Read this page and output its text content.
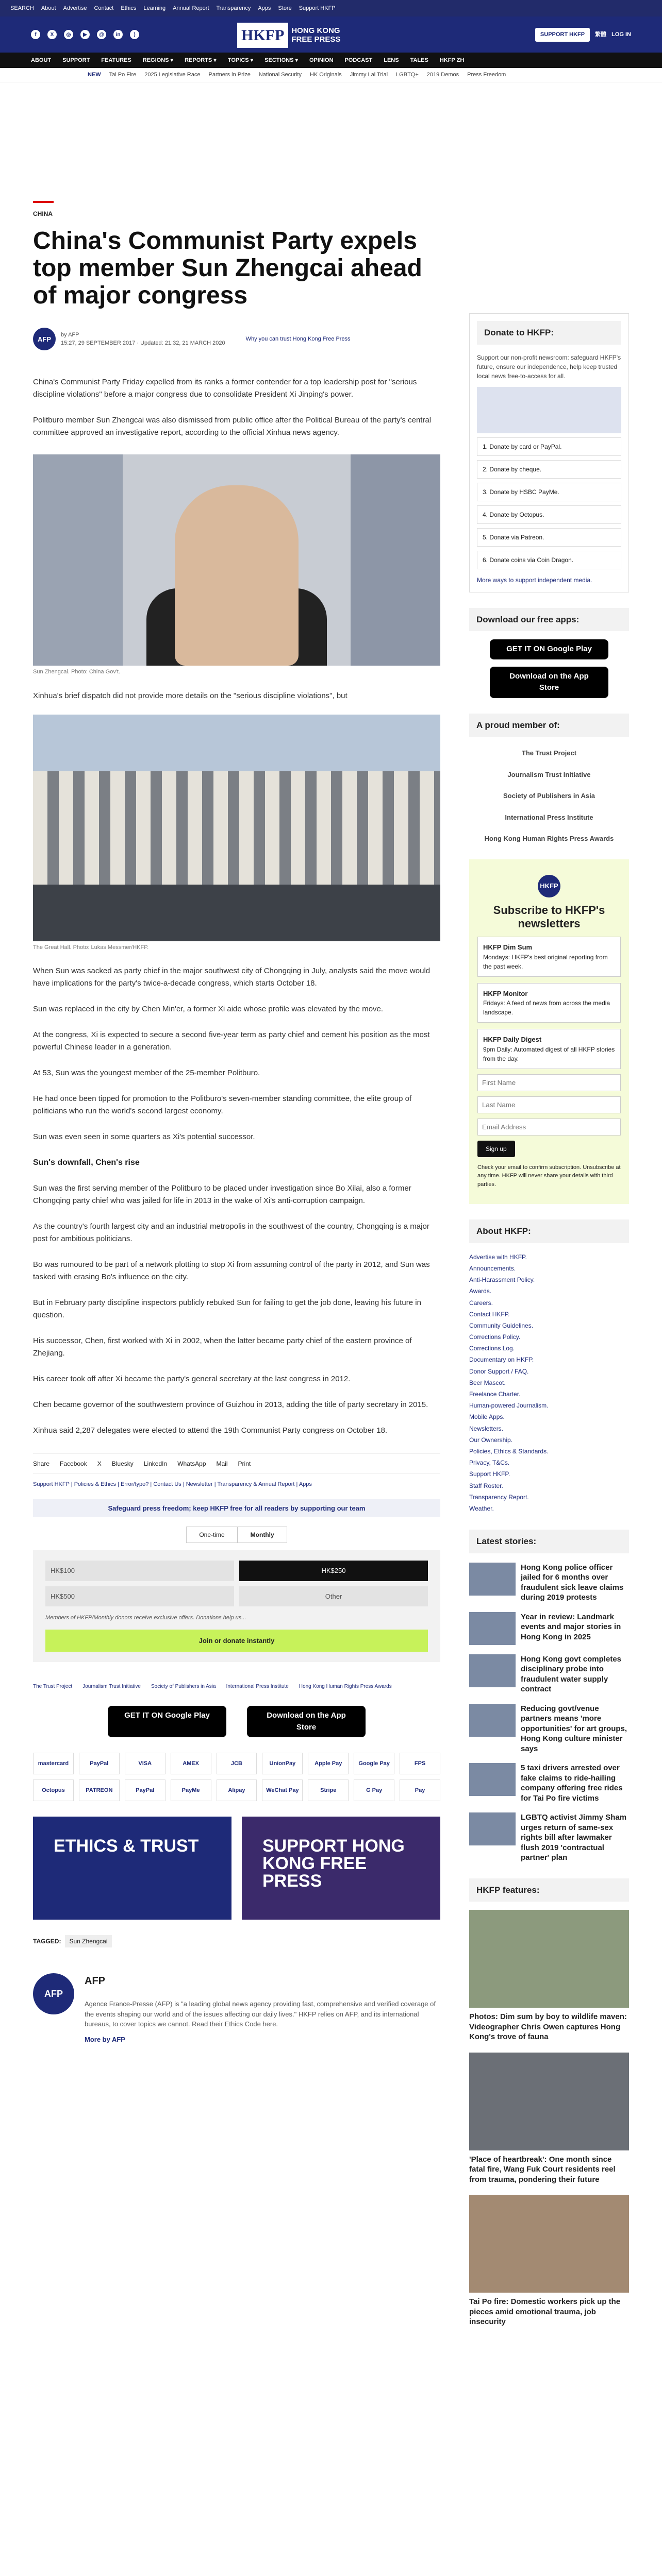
SEARCH About Advertise Contact Ethics Learning Annual Report Transparency Apps Store Support HKFP
f	X	◎	▶	@	in	)	HKFP HONG KONG
FREE PRESS
SUPPORT HKFP	繁體 LOG IN
ABOUT SUPPORT FEATURES REGIONS ▾ REPORTS ▾ TOPICS ▾ SECTIONS ▾ OPINION PODCAST LENS TALES HKFP ZH
NEW Tai Po Fire 2025 Legislative Race Partners in Prize National Security HK Originals Jimmy Lai Trial LGBTQ+ 2019 Demos Press Freedom
CHINA
China's Communist Party expels top member Sun Zhengcai ahead of major congress
AFP
by AFP
15:27, 29 SEPTEMBER 2017 · Updated: 21:32, 21 MARCH 2020
Why you can trust Hong Kong Free Press

China's Communist Party Friday expelled from its ranks a former contender for a top leadership post for "serious discipline violations" before a major congress due to consolidate President Xi Jinping's power.

Politburo member Sun Zhengcai was also dismissed from public office after the Political Bureau of the party's central committee approved an investigative report, according to the official Xinhua news agency.

Sun Zhengcai. Photo: China Gov't.

Xinhua's brief dispatch did not provide more details on the "serious discipline violations", but

The Great Hall. Photo: Lukas Messmer/HKFP.

When Sun was sacked as party chief in the major southwest city of Chongqing in July, analysts said the move would have implications for the party's twice-a-decade congress, which starts October 18.

Sun was replaced in the city by Chen Min'er, a former Xi aide whose profile was elevated by the move.

At the congress, Xi is expected to secure a second five-year term as party chief and cement his position as the most powerful Chinese leader in a generation.

At 53, Sun was the youngest member of the 25-member Politburo.

He had once been tipped for promotion to the Politburo's seven-member standing committee, the elite group of politicians who run the world's second largest economy.

Sun was even seen in some quarters as Xi's potential successor.

Sun's downfall, Chen's rise

Sun was the first serving member of the Politburo to be placed under investigation since Bo Xilai, also a former Chongqing party chief who was jailed for life in 2013 in the wake of Xi's anti-corruption campaign.

As the country's fourth largest city and an industrial metropolis in the southwest of the country, Chongqing is a major post for ambitious politicians.

Bo was rumoured to be part of a network plotting to stop Xi from assuming control of the party in 2012, and Sun was tasked with erasing Bo's influence on the city.

But in February party discipline inspectors publicly rebuked Sun for failing to get the job done, leaving his future in question.

His successor, Chen, first worked with Xi in 2002, when the latter became party chief of the eastern province of Zhejiang.

His career took off after Xi became the party's general secretary at the last congress in 2012.

Chen became governor of the southwestern province of Guizhou in 2013, adding the title of party secretary in 2015.

Xinhua said 2,287 delegates were elected to attend the 19th Communist Party congress on October 18.

Share Facebook X Bluesky LinkedIn WhatsApp Mail Print
Support HKFP | Policies & Ethics | Error/typo? | Contact Us | Newsletter | Transparency & Annual Report | Apps
Safeguard press freedom; keep HKFP free for all readers by supporting our team
One-time	Monthly
HK$100	HK$250
HK$500	Other
Members of HKFP/Monthly donors receive exclusive offers. Donations help us...
Join or donate instantly
The Trust Project Journalism Trust Initiative Society of Publishers in Asia International Press Institute Hong Kong Human Rights Press Awards
GET IT ON Google Play	Download on the App Store
mastercard	PayPal	VISA	AMEX	JCB	UnionPay	Apple Pay	Google Pay	FPS
Octopus	PATREON	PayPal	PayMe	Alipay	WeChat Pay	Stripe	G Pay	Pay
ETHICS & TRUST	SUPPORT HONG KONG FREE PRESS
TAGGED: Sun Zhengcai
AFP
AFP

Agence France-Presse (AFP) is "a leading global news agency providing fast, comprehensive and verified coverage of the events shaping our world and of the issues affecting our daily lives." HKFP relies on AFP, and its international bureaus, to cover topics we cannot. Read their Ethics Code here.

More by AFP

Donate to HKFP:
Support our non-profit newsroom: safeguard HKFP's future, ensure our independence, help keep trusted local news free-to-access for all.
1. Donate by card or PayPal.
2. Donate by cheque.
3. Donate by HSBC PayMe.
4. Donate by Octopus.
5. Donate via Patreon.
6. Donate coins via Coin Dragon.
More ways to support independent media.
Download our free apps:
GET IT ON Google Play
Download on the App Store
A proud member of:
The Trust Project
Journalism Trust Initiative
Society of Publishers in Asia
International Press Institute
Hong Kong Human Rights Press Awards
HKFP
Subscribe to HKFP's newsletters
HKFP Dim Sum
Mondays: HKFP's best original reporting from the past week.
HKFP Monitor
Fridays: A feed of news from across the media landscape.
HKFP Daily Digest
9pm Daily: Automated digest of all HKFP stories from the day.
First Name Last Name Email Address Sign up
Check your email to confirm subscription. Unsubscribe at any time. HKFP will never share your details with third parties.
About HKFP:
Advertise with HKFP.
Announcements.
Anti-Harassment Policy.
Awards.
Careers.
Contact HKFP.
Community Guidelines.
Corrections Policy.
Corrections Log.
Documentary on HKFP.
Donor Support / FAQ.
Beer Mascot.
Freelance Charter.
Human-powered Journalism.
Mobile Apps.
Newsletters.
Our Ownership.
Policies, Ethics & Standards.
Privacy, T&Cs.
Support HKFP.
Staff Roster.
Transparency Report.
Weather.
Latest stories:
Hong Kong police officer jailed for 6 months over fraudulent sick leave claims during 2019 protests
Year in review: Landmark events and major stories in Hong Kong in 2025
Hong Kong govt completes disciplinary probe into fraudulent water supply contract
Reducing govt/venue partners means 'more opportunities' for art groups, Hong Kong culture minister says
5 taxi drivers arrested over fake claims to ride-hailing company offering free rides for Tai Po fire victims
LGBTQ activist Jimmy Sham urges return of same-sex rights bill after lawmaker flush 2019 'contractual partner' plan
HKFP features:
Photos: Dim sum by boy to wildlife maven: Videographer Chris Owen captures Hong Kong's trove of fauna
'Place of heartbreak': One month since fatal fire, Wang Fuk Court residents reel from trauma, pondering their future
Tai Po fire: Domestic workers pick up the pieces amid emotional trauma, job insecurity
